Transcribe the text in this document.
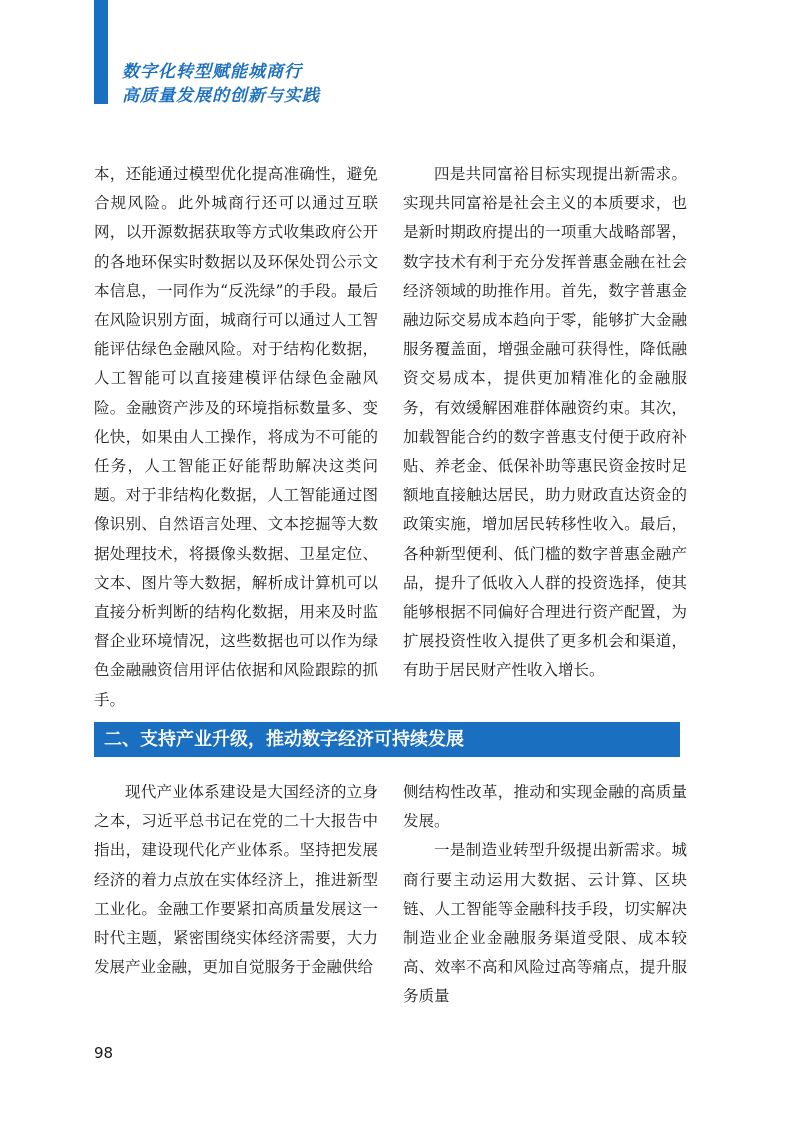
数字化转型赋能城商行
高质量发展的创新与实践

本，还能通过模型优化提高准确性，避免合规风险。此外城商行还可以通过互联网，以开源数据获取等方式收集政府公开的各地环保实时数据以及环保处罚公示文本信息，一同作为“反洗绿”的手段。最后在风险识别方面，城商行可以通过人工智能评估绿色金融风险。对于结构化数据，人工智能可以直接建模评估绿色金融风险。金融资产涉及的环境指标数量多、变化快，如果由人工操作，将成为不可能的任务，人工智能正好能帮助解决这类问题。对于非结构化数据，人工智能通过图像识别、自然语言处理、文本挖掘等大数据处理技术，将摄像头数据、卫星定位、文本、图片等大数据，解析成计算机可以直接分析判断的结构化数据，用来及时监督企业环境情况，这些数据也可以作为绿色金融融资信用评估依据和风险跟踪的抓手。

四是共同富裕目标实现提出新需求。实现共同富裕是社会主义的本质要求，也是新时期政府提出的一项重大战略部署，数字技术有利于充分发挥普惠金融在社会经济领域的助推作用。首先，数字普惠金融边际交易成本趋向于零，能够扩大金融服务覆盖面，增强金融可获得性，降低融资交易成本，提供更加精准化的金融服务，有效缓解困难群体融资约束。其次，加载智能合约的数字普惠支付便于政府补贴、养老金、低保补助等惠民资金按时足额地直接触达居民，助力财政直达资金的政策实施，增加居民转移性收入。最后，各种新型便利、低门槛的数字普惠金融产品，提升了低收入人群的投资选择，使其能够根据不同偏好合理进行资产配置，为扩展投资性收入提供了更多机会和渠道，有助于居民财产性收入增长。

二、支持产业升级，推动数字经济可持续发展

现代产业体系建设是大国经济的立身之本，习近平总书记在党的二十大报告中指出，建设现代化产业体系。坚持把发展经济的着力点放在实体经济上，推进新型工业化。金融工作要紧扣高质量发展这一时代主题，紧密围绕实体经济需要，大力发展产业金融，更加自觉服务于金融供给

侧结构性改革，推动和实现金融的高质量发展。

一是制造业转型升级提出新需求。城商行要主动运用大数据、云计算、区块链、人工智能等金融科技手段，切实解决制造业企业金融服务渠道受限、成本较高、效率不高和风险过高等痛点，提升服务质量

98
